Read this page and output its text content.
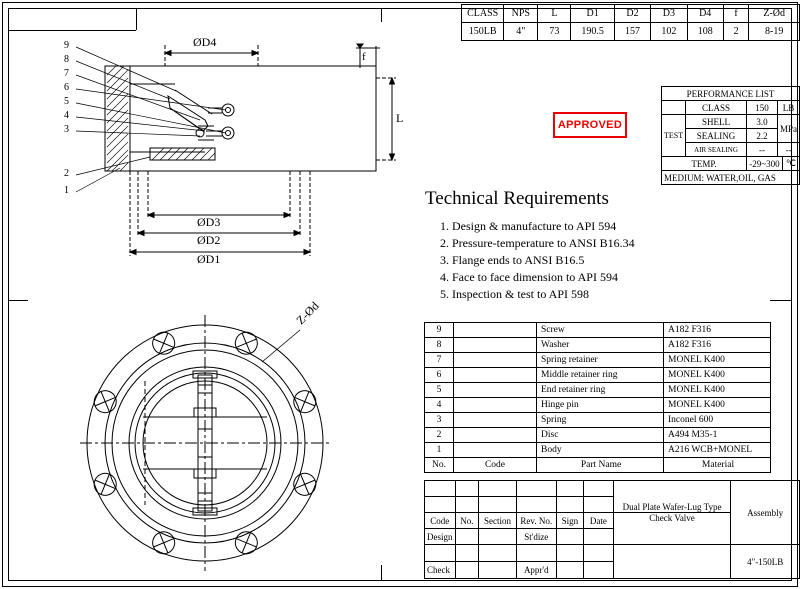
CLASS	NPS	L	D1	D2	D3	D4	f	Z-Ød
150LB	4"	73	190.5	157	102	108	2	8-19
PERFORMANCE LIST				
	CLASS	150	LB	
TEST	SHELL	3.0	MPa	
	SEALING	2.2		
	AIR SEALING	--	--	
TEMP.		-29~300		℃
MEDIUM: WATER,OIL, GAS				
APPROVED
Technical Requirements
1. Design & manufacture to API 594
2. Pressure-temperature to ANSI B16.34
3. Flange ends to ANSI B16.5
4. Face to face dimension to API 594
5. Inspection & test to API 598
9		Screw	A182 F316
8		Washer	A182 F316
7		Spring retainer	MONEL K400
6		Middle retainer ring	MONEL K400
5		End retainer ring	MONEL K400
4		Hinge pin	MONEL K400
3		Spring	Inconel 600
2		Disc	A494 M35-1
1		Body	A216 WCB+MONEL
No.	Code	Part Name	Material
						Dual Plate Wafer-Lug Type	Assembly

Code	No.	Section	Rev. No.	Sign	Date	Check Valve	
Design			St'dize				
							4"-150LB
Check			Appr'd				
9
8
7
6
5
4
3
2
1
ØD4
ØD3
ØD2
ØD1
L
f
Z-Ød
